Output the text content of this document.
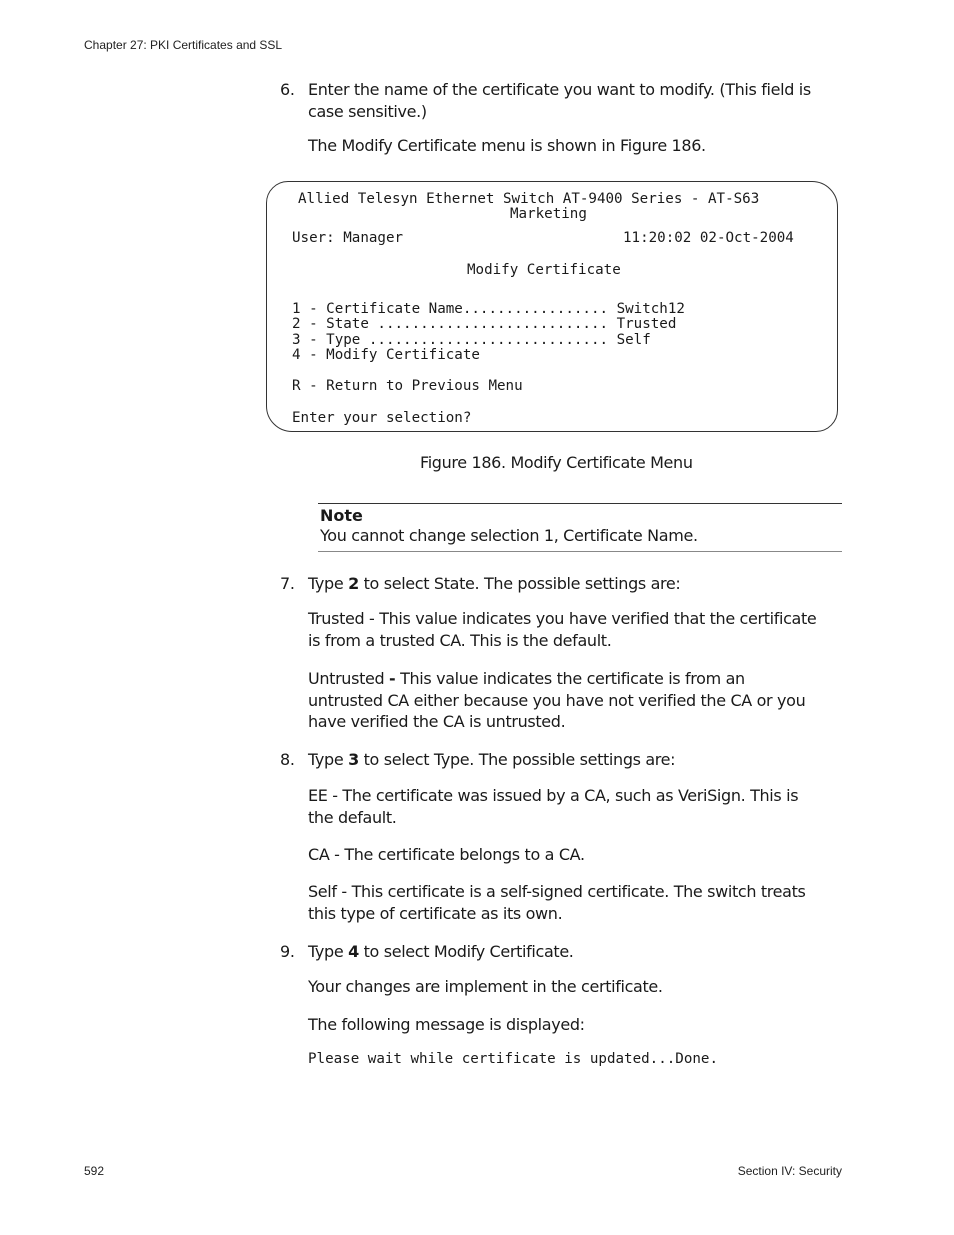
Chapter 27: PKI Certificates and SSL
6. Enter the name of the certificate you want to modify. (This field is case sensitive.)
The Modify Certificate menu is shown in Figure 186.
Allied Telesyn Ethernet Switch AT-9400 Series - AT-S63
Marketing
User: Manager	11:20:02 02-Oct-2004
Modify Certificate
1 - Certificate Name................. Switch12
2 - State ........................... Trusted
3 - Type ............................ Self
4 - Modify Certificate
R - Return to Previous Menu
Enter your selection?
Figure 186. Modify Certificate Menu
Note
You cannot change selection 1, Certificate Name.
7. Type 2 to select State. The possible settings are:
Trusted - This value indicates you have verified that the certificate is from a trusted CA. This is the default.
Untrusted - This value indicates the certificate is from an untrusted CA either because you have not verified the CA or you have verified the CA is untrusted.
8. Type 3 to select Type. The possible settings are:
EE - The certificate was issued by a CA, such as VeriSign. This is the default.
CA - The certificate belongs to a CA.
Self - This certificate is a self-signed certificate. The switch treats this type of certificate as its own.
9. Type 4 to select Modify Certificate.
Your changes are implement in the certificate.
The following message is displayed:
Please wait while certificate is updated...Done.
592	Section IV: Security
